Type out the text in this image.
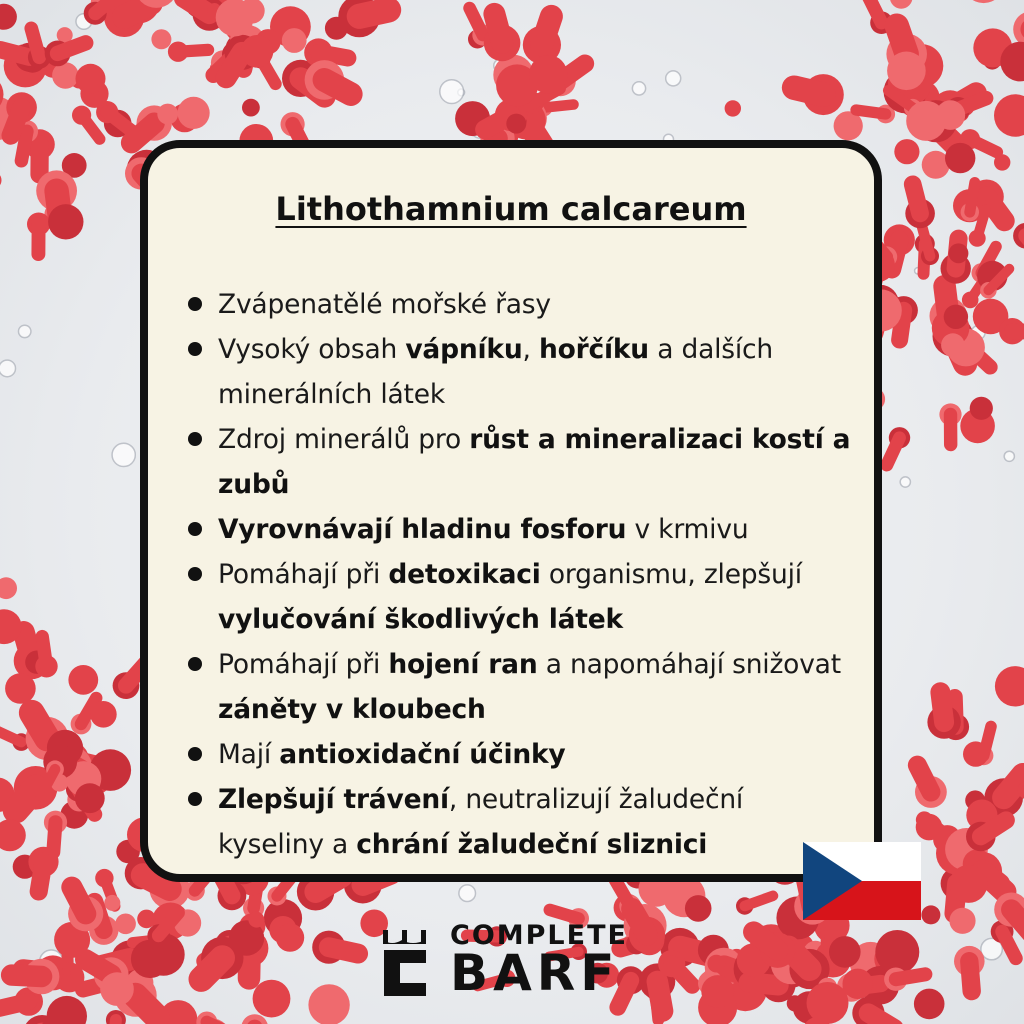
Lithothamnium calcareum
Zvápenatělé mořské řasy
Vysoký obsah vápníku, hořčíku a dalších minerálních látek
Zdroj minerálů pro růst a mineralizaci kostí a zubů
Vyrovnávají hladinu fosforu v krmivu
Pomáhají při detoxikaci organismu, zlepšují vylučování škodlivých látek
Pomáhají při hojení ran a napomáhají snižovat záněty v kloubech
Mají antioxidační účinky
Zlepšují trávení, neutralizují žaludeční kyseliny a chrání žaludeční sliznici
COMPLETE
BARF
